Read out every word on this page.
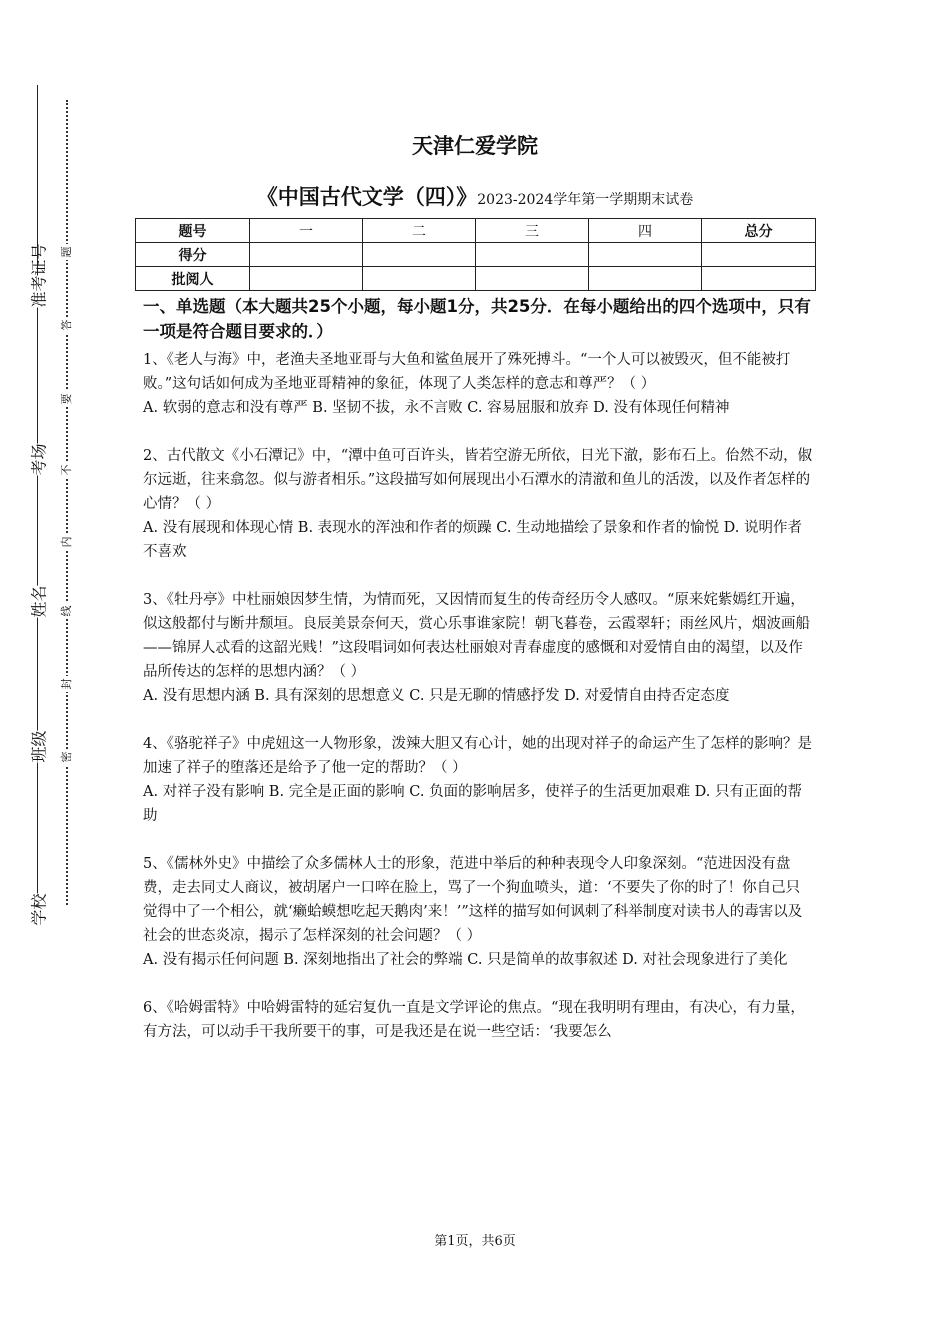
准考证号
考场
姓名
班级
学校
题
答
要
不
内
线
封
密
天津仁爱学院
《中国古代文学（四）》2023-2024学年第一学期期末试卷
题号	一	二	三	四	总分
得分					
批阅人					
一、单选题（本大题共25个小题，每小题1分，共25分．在每小题给出的四个选项中，只有一项是符合题目要求的．）

1、《老人与海》中，老渔夫圣地亚哥与大鱼和鲨鱼展开了殊死搏斗。“一个人可以被毁灭，但不能被打败。”这句话如何成为圣地亚哥精神的象征，体现了人类怎样的意志和尊严？（ ）

A. 软弱的意志和没有尊严 B. 坚韧不拔，永不言败 C. 容易屈服和放弃 D. 没有体现任何精神

2、古代散文《小石潭记》中，“潭中鱼可百许头，皆若空游无所依，日光下澈，影布石上。佁然不动，俶尔远逝，往来翕忽。似与游者相乐。”这段描写如何展现出小石潭水的清澈和鱼儿的活泼，以及作者怎样的心情？（ ）

A. 没有展现和体现心情 B. 表现水的浑浊和作者的烦躁 C. 生动地描绘了景象和作者的愉悦 D. 说明作者不喜欢

3、《牡丹亭》中杜丽娘因梦生情，为情而死，又因情而复生的传奇经历令人感叹。“原来姹紫嫣红开遍，似这般都付与断井颓垣。良辰美景奈何天，赏心乐事谁家院！朝飞暮卷，云霞翠轩；雨丝风片，烟波画船——锦屏人忒看的这韶光贱！”这段唱词如何表达杜丽娘对青春虚度的感慨和对爱情自由的渴望，以及作品所传达的怎样的思想内涵？（ ）

A. 没有思想内涵 B. 具有深刻的思想意义 C. 只是无聊的情感抒发 D. 对爱情自由持否定态度

4、《骆驼祥子》中虎妞这一人物形象，泼辣大胆又有心计，她的出现对祥子的命运产生了怎样的影响？是加速了祥子的堕落还是给予了他一定的帮助？（ ）

A. 对祥子没有影响 B. 完全是正面的影响 C. 负面的影响居多，使祥子的生活更加艰难 D. 只有正面的帮助

5、《儒林外史》中描绘了众多儒林人士的形象，范进中举后的种种表现令人印象深刻。“范进因没有盘费，走去同丈人商议，被胡屠户一口啐在脸上，骂了一个狗血喷头，道：‘不要失了你的时了！你自己只觉得中了一个相公，就‘癞蛤蟆想吃起天鹅肉’来！’”这样的描写如何讽刺了科举制度对读书人的毒害以及社会的世态炎凉，揭示了怎样深刻的社会问题？（ ）

A. 没有揭示任何问题 B. 深刻地指出了社会的弊端 C. 只是简单的故事叙述 D. 对社会现象进行了美化

6、《哈姆雷特》中哈姆雷特的延宕复仇一直是文学评论的焦点。“现在我明明有理由，有决心，有力量，有方法，可以动手干我所要干的事，可是我还是在说一些空话：‘我要怎么

第1页，共6页
